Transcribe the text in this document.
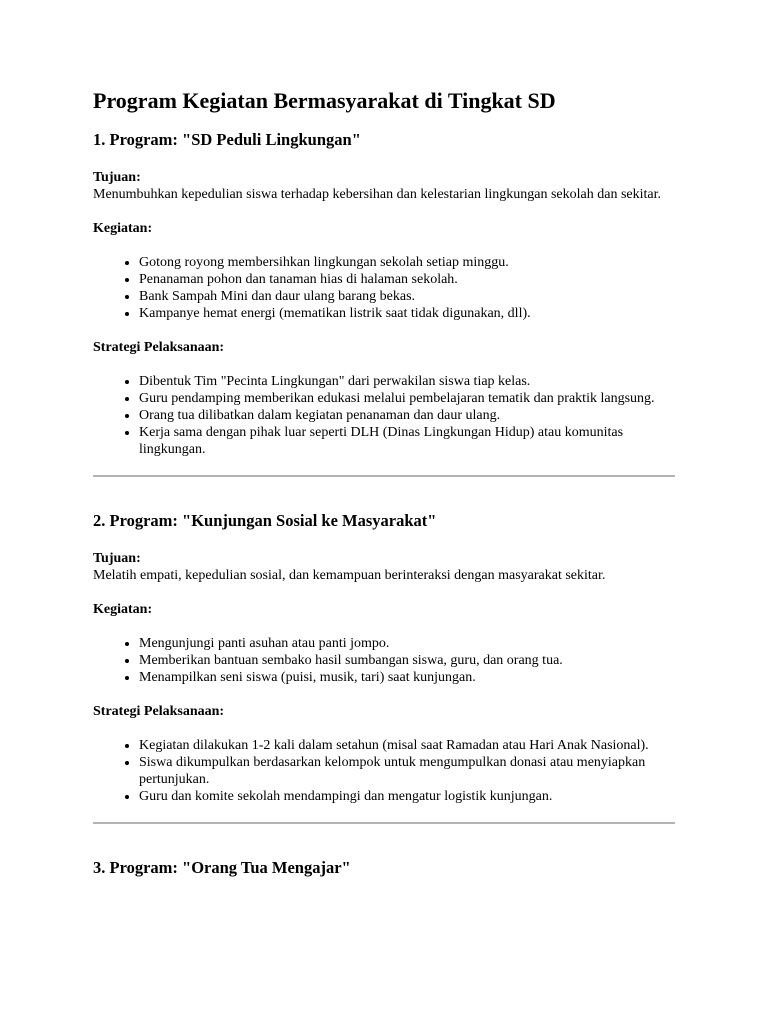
Program Kegiatan Bermasyarakat di Tingkat SD
1. Program: "SD Peduli Lingkungan"

Tujuan:

Menumbuhkan kepedulian siswa terhadap kebersihan dan kelestarian lingkungan sekolah dan sekitar.

Kegiatan:

• Gotong royong membersihkan lingkungan sekolah setiap minggu.
• Penanaman pohon dan tanaman hias di halaman sekolah.
• Bank Sampah Mini dan daur ulang barang bekas.
• Kampanye hemat energi (mematikan listrik saat tidak digunakan, dll).

Strategi Pelaksanaan:

• Dibentuk Tim "Pecinta Lingkungan" dari perwakilan siswa tiap kelas.
• Guru pendamping memberikan edukasi melalui pembelajaran tematik dan praktik langsung.
• Orang tua dilibatkan dalam kegiatan penanaman dan daur ulang.
• Kerja sama dengan pihak luar seperti DLH (Dinas Lingkungan Hidup) atau komunitas lingkungan.
2. Program: "Kunjungan Sosial ke Masyarakat"

Tujuan:

Melatih empati, kepedulian sosial, dan kemampuan berinteraksi dengan masyarakat sekitar.

Kegiatan:

• Mengunjungi panti asuhan atau panti jompo.
• Memberikan bantuan sembako hasil sumbangan siswa, guru, dan orang tua.
• Menampilkan seni siswa (puisi, musik, tari) saat kunjungan.

Strategi Pelaksanaan:

• Kegiatan dilakukan 1-2 kali dalam setahun (misal saat Ramadan atau Hari Anak Nasional).
• Siswa dikumpulkan berdasarkan kelompok untuk mengumpulkan donasi atau menyiapkan pertunjukan.
• Guru dan komite sekolah mendampingi dan mengatur logistik kunjungan.
3. Program: "Orang Tua Mengajar"
